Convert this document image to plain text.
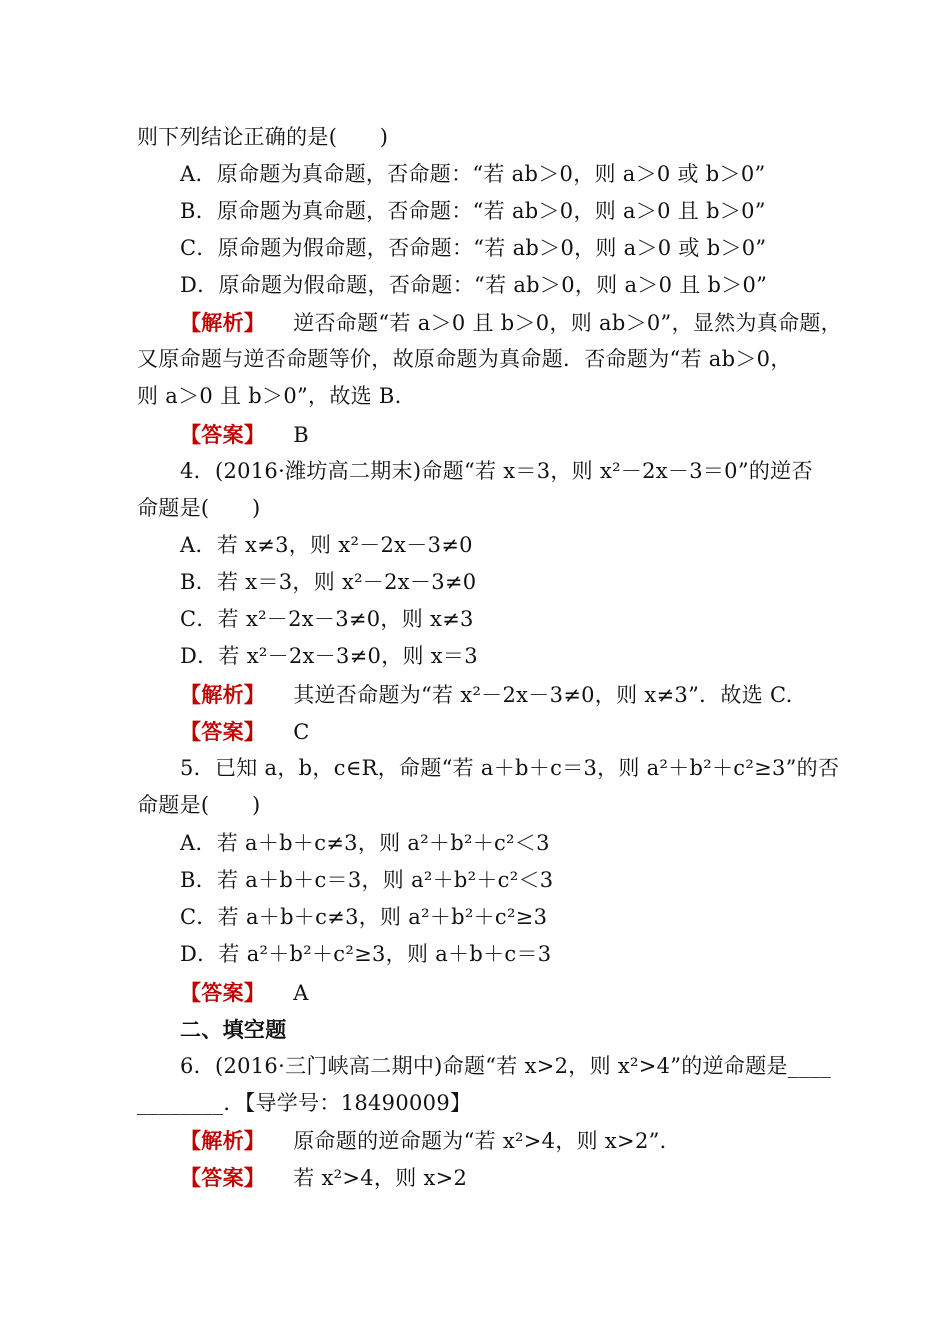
则下列结论正确的是(　　)
A．原命题为真命题，否命题：“若 ab＞0，则 a＞0 或 b＞0”
B．原命题为真命题，否命题：“若 ab＞0，则 a＞0 且 b＞0”
C．原命题为假命题，否命题：“若 ab＞0，则 a＞0 或 b＞0”
D．原命题为假命题，否命题：“若 ab＞0，则 a＞0 且 b＞0”
【解析】 逆否命题“若 a＞0 且 b＞0，则 ab＞0”，显然为真命题，
又原命题与逆否命题等价，故原命题为真命题．否命题为“若 ab＞0，
则 a＞0 且 b＞0”，故选 B.
【答案】 B
4．(2016·潍坊高二期末)命题“若 x＝3，则 x²－2x－3＝0”的逆否
命题是(　　)
A．若 x≠3，则 x²－2x－3≠0
B．若 x＝3，则 x²－2x－3≠0
C．若 x²－2x－3≠0，则 x≠3
D．若 x²－2x－3≠0，则 x＝3
【解析】 其逆否命题为“若 x²－2x－3≠0，则 x≠3”．故选 C.
【答案】 C
5．已知 a，b，c∈R，命题“若 a＋b＋c＝3，则 a²＋b²＋c²≥3”的否
命题是(　　)
A．若 a＋b＋c≠3，则 a²＋b²＋c²＜3
B．若 a＋b＋c＝3，则 a²＋b²＋c²＜3
C．若 a＋b＋c≠3，则 a²＋b²＋c²≥3
D．若 a²＋b²＋c²≥3，则 a＋b＋c＝3
【答案】 A
二、填空题
6．(2016·三门峡高二期中)命题“若 x>2，则 x²>4”的逆命题是____
________．【导学号：18490009】
【解析】 原命题的逆命题为“若 x²>4，则 x>2”．
【答案】 若 x²>4，则 x>2
